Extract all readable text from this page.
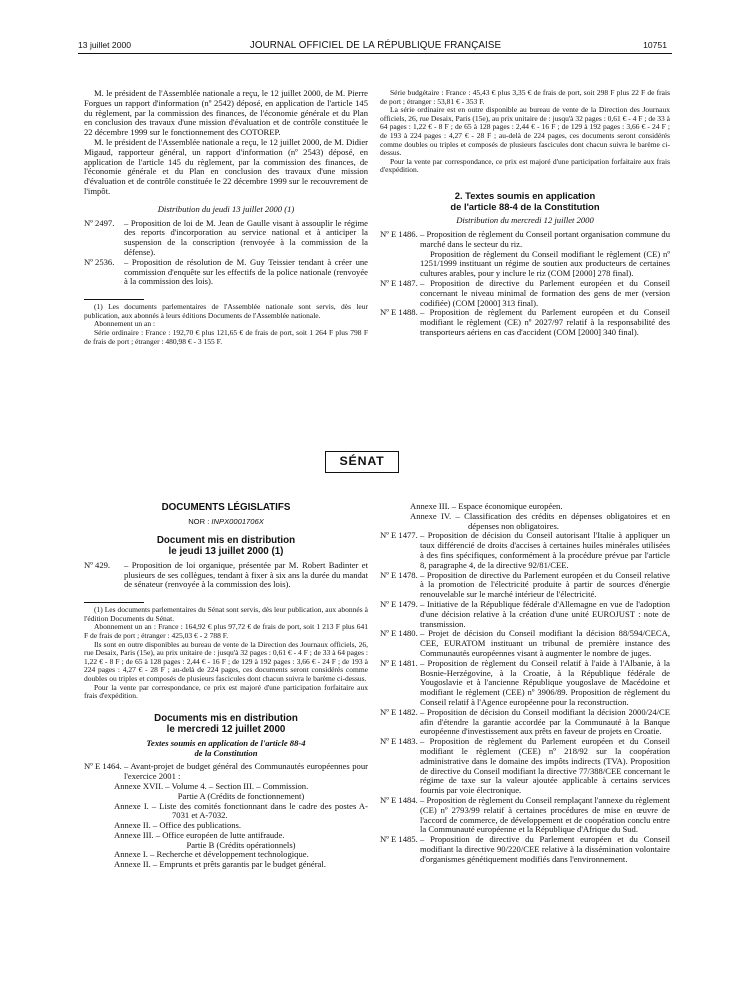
13 juillet 2000	JOURNAL OFFICIEL DE LA RÉPUBLIQUE FRANÇAISE	10751

M. le président de l'Assemblée nationale a reçu, le 12 juillet 2000, de M. Pierre Forgues un rapport d'information (nº 2542) déposé, en application de l'article 145 du règlement, par la commission des finances, de l'économie générale et du Plan en conclusion des travaux d'une mission d'évaluation et de contrôle constituée le 22 décembre 1999 sur le fonctionnement des COTOREP.

M. le président de l'Assemblée nationale a reçu, le 12 juillet 2000, de M. Didier Migaud, rapporteur général, un rapport d'information (nº 2543) déposé, en application de l'article 145 du règlement, par la commission des finances, de l'économie générale et du Plan en conclusion des travaux d'une mission d'évaluation et de contrôle constituée le 22 décembre 1999 sur le recouvrement de l'impôt.

Distribution du jeudi 13 juillet 2000 (1)

Nº 2497. – Proposition de loi de M. Jean de Gaulle visant à assouplir le régime des reports d'incorporation au service national et à anticiper la suspension de la conscription (renvoyée à la commission de la défense).

Nº 2536. – Proposition de résolution de M. Guy Teissier tendant à créer une commission d'enquête sur les effectifs de la police nationale (renvoyée à la commission des lois).

(1) Les documents parlementaires de l'Assemblée nationale sont servis, dès leur publication, aux abonnés à leurs éditions Documents de l'Assemblée nationale.

Abonnement un an :

Série ordinaire : France : 192,70 € plus 121,65 € de frais de port, soit 1 264 F plus 798 F de frais de port ; étranger : 480,98 € - 3 155 F.

Série budgétaire : France : 45,43 € plus 3,35 € de frais de port, soit 298 F plus 22 F de frais de port ; étranger : 53,81 € - 353 F.

La série ordinaire est en outre disponible au bureau de vente de la Direction des Journaux officiels, 26, rue Desaix, Paris (15e), au prix unitaire de : jusqu'à 32 pages : 0,61 € - 4 F ; de 33 à 64 pages : 1,22 € - 8 F ; de 65 à 128 pages : 2,44 € - 16 F ; de 129 à 192 pages : 3,66 € - 24 F ; de 193 à 224 pages : 4,27 € - 28 F ; au-delà de 224 pages, ces documents seront considérés comme doubles ou triples et composés de plusieurs fascicules dont chacun suivra le barème ci-dessus.

Pour la vente par correspondance, ce prix est majoré d'une participation forfaitaire aux frais d'expédition.

2. Textes soumis en application

de l'article 88-4 de la Constitution

Distribution du mercredi 12 juillet 2000

Nº E 1486. – Proposition de règlement du Conseil portant organisation commune du marché dans le secteur du riz.

Proposition de règlement du Conseil modifiant le règlement (CE) nº 1251/1999 instituant un régime de soutien aux producteurs de certaines cultures arables, pour y inclure le riz (COM [2000] 278 final).

Nº E 1487. – Proposition de directive du Parlement européen et du Conseil concernant le niveau minimal de formation des gens de mer (version codifiée) (COM [2000] 313 final).

Nº E 1488. – Proposition de règlement du Parlement européen et du Conseil modifiant le règlement (CE) nº 2027/97 relatif à la responsabilité des transporteurs aériens en cas d'accident (COM [2000] 340 final).

SÉNAT

DOCUMENTS LÉGISLATIFS

NOR : INPX0001706X

Document mis en distribution

le jeudi 13 juillet 2000 (1)

Nº 429. – Proposition de loi organique, présentée par M. Robert Badinter et plusieurs de ses collègues, tendant à fixer à six ans la durée du mandat de sénateur (renvoyée à la commission des lois).

(1) Les documents parlementaires du Sénat sont servis, dès leur publication, aux abonnés à l'édition Documents du Sénat.

Abonnement un an : France : 164,92 € plus 97,72 € de frais de port, soit 1 213 F plus 641 F de frais de port ; étranger : 425,03 € - 2 788 F.

Ils sont en outre disponibles au bureau de vente de la Direction des Journaux officiels, 26, rue Desaix, Paris (15e), au prix unitaire de : jusqu'à 32 pages : 0,61 € - 4 F ; de 33 à 64 pages : 1,22 € - 8 F ; de 65 à 128 pages : 2,44 € - 16 F ; de 129 à 192 pages : 3,66 € - 24 F ; de 193 à 224 pages : 4,27 € - 28 F ; au-delà de 224 pages, ces documents seront considérés comme doubles ou triples et composés de plusieurs fascicules dont chacun suivra le barème ci-dessus.

Pour la vente par correspondance, ce prix est majoré d'une participation forfaitaire aux frais d'expédition.

Documents mis en distribution

le mercredi 12 juillet 2000

Textes soumis en application de l'article 88-4

de la Constitution

Nº E 1464. – Avant-projet de budget général des Communautés européennes pour l'exercice 2001 :

Annexe XVII. – Volume 4. – Section III. – Commission.

Partie A (Crédits de fonctionnement)

Annexe I. – Liste des comités fonctionnant dans le cadre des postes A-7031 et A-7032.

Annexe II. – Office des publications.

Annexe III. – Office européen de lutte antifraude.

Partie B (Crédits opérationnels)

Annexe I. – Recherche et développement technologique.

Annexe II. – Emprunts et prêts garantis par le budget général.

Annexe III. – Espace économique européen.

Annexe IV. – Classification des crédits en dépenses obligatoires et en dépenses non obligatoires.

Nº E 1477. – Proposition de décision du Conseil autorisant l'Italie à appliquer un taux différencié de droits d'accises à certaines huiles minérales utilisées à des fins spécifiques, conformément à la procédure prévue par l'article 8, paragraphe 4, de la directive 92/81/CEE.

Nº E 1478. – Proposition de directive du Parlement européen et du Conseil relative à la promotion de l'électricité produite à partir de sources d'énergie renouvelable sur le marché intérieur de l'électricité.

Nº E 1479. – Initiative de la République fédérale d'Allemagne en vue de l'adoption d'une décision relative à la création d'une unité EUROJUST : note de transmission.

Nº E 1480. – Projet de décision du Conseil modifiant la décision 88/594/CECA, CEE, EURATOM instituant un tribunal de première instance des Communautés européennes visant à augmenter le nombre de juges.

Nº E 1481. – Proposition de règlement du Conseil relatif à l'aide à l'Albanie, à la Bosnie-Herzégovine, à la Croatie, à la République fédérale de Yougoslavie et à l'ancienne République yougoslave de Macédoine et modifiant le règlement (CEE) nº 3906/89. Proposition de règlement du Conseil relatif à l'Agence européenne pour la reconstruction.

Nº E 1482. – Proposition de décision du Conseil modifiant la décision 2000/24/CE afin d'étendre la garantie accordée par la Communauté à la Banque européenne d'investissement aux prêts en faveur de projets en Croatie.

Nº E 1483. – Proposition de règlement du Parlement européen et du Conseil modifiant le règlement (CEE) nº 218/92 sur la coopération administrative dans le domaine des impôts indirects (TVA). Proposition de directive du Conseil modifiant la directive 77/388/CEE concernant le régime de taxe sur la valeur ajoutée applicable à certains services fournis par voie électronique.

Nº E 1484. – Proposition de règlement du Conseil remplaçant l'annexe du règlement (CE) nº 2793/99 relatif à certaines procédures de mise en œuvre de l'accord de commerce, de développement et de coopération conclu entre la Communauté européenne et la République d'Afrique du Sud.

Nº E 1485. – Proposition de directive du Parlement européen et du Conseil modifiant la directive 90/220/CEE relative à la dissémination volontaire d'organismes génétiquement modifiés dans l'environnement.
